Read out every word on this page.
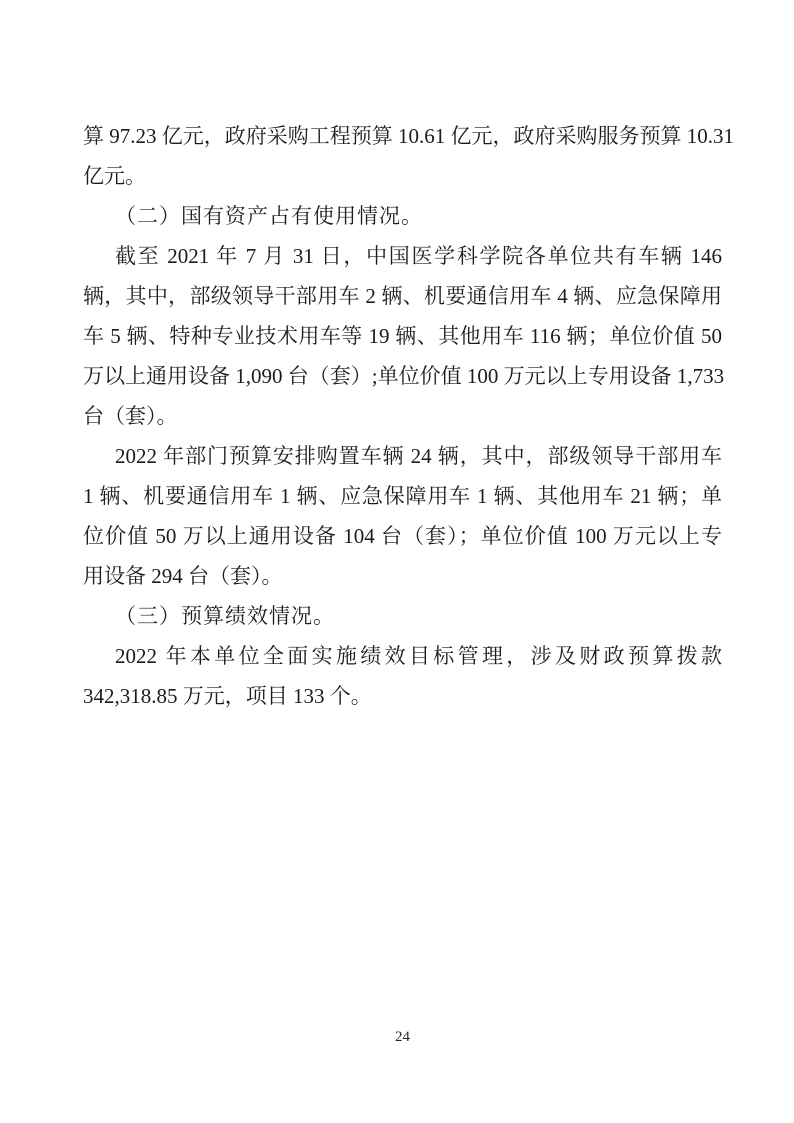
算 97.23 亿元，政府采购工程预算 10.61 亿元，政府采购服务预算 10.31

亿元。

（二）国有资产占有使用情况。

截至 2021 年 7 月 31 日，中国医学科学院各单位共有车辆 146

辆，其中，部级领导干部用车 2 辆、机要通信用车 4 辆、应急保障用

车 5 辆、特种专业技术用车等 19 辆、其他用车 116 辆；单位价值 50

万以上通用设备 1,090 台（套）;单位价值 100 万元以上专用设备 1,733

台（套）。

2022 年部门预算安排购置车辆 24 辆，其中，部级领导干部用车

1 辆、机要通信用车 1 辆、应急保障用车 1 辆、其他用车 21 辆；单

位价值 50 万以上通用设备 104 台（套）；单位价值 100 万元以上专

用设备 294 台（套）。

（三）预算绩效情况。

2022 年本单位全面实施绩效目标管理，涉及财政预算拨款

342,318.85 万元，项目 133 个。

24
